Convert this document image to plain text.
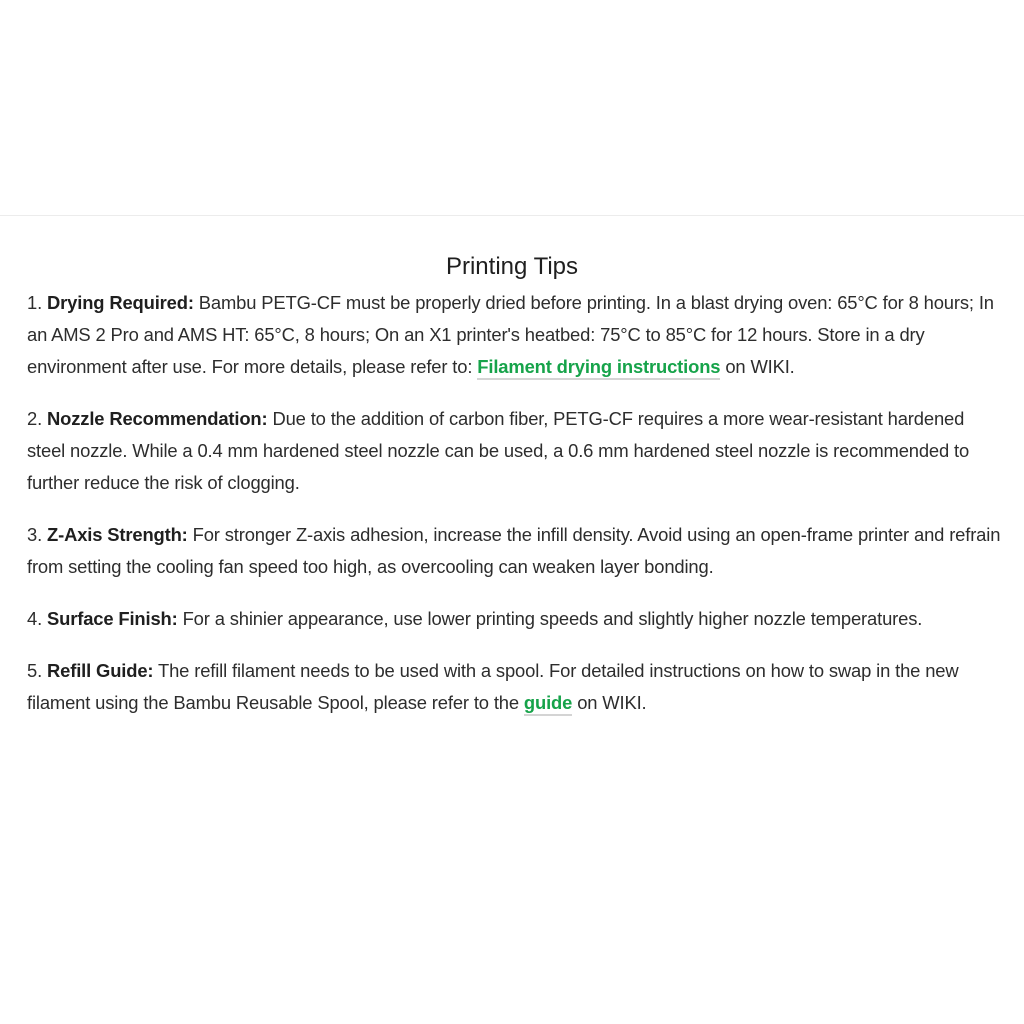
Printing Tips

1. Drying Required: Bambu PETG-CF must be properly dried before printing. In a blast drying oven: 65°C for 8 hours; In an AMS 2 Pro and AMS HT: 65°C, 8 hours; On an X1 printer's heatbed: 75°C to 85°C for 12 hours. Store in a dry environment after use. For more details, please refer to: Filament drying instructions on WIKI.

2. Nozzle Recommendation: Due to the addition of carbon fiber, PETG-CF requires a more wear-resistant hardened steel nozzle. While a 0.4 mm hardened steel nozzle can be used, a 0.6 mm hardened steel nozzle is recommended to further reduce the risk of clogging.

3. Z-Axis Strength: For stronger Z-axis adhesion, increase the infill density. Avoid using an open-frame printer and refrain from setting the cooling fan speed too high, as overcooling can weaken layer bonding.

4. Surface Finish: For a shinier appearance, use lower printing speeds and slightly higher nozzle temperatures.

5. Refill Guide: The refill filament needs to be used with a spool. For detailed instructions on how to swap in the new filament using the Bambu Reusable Spool, please refer to the guide on WIKI.
